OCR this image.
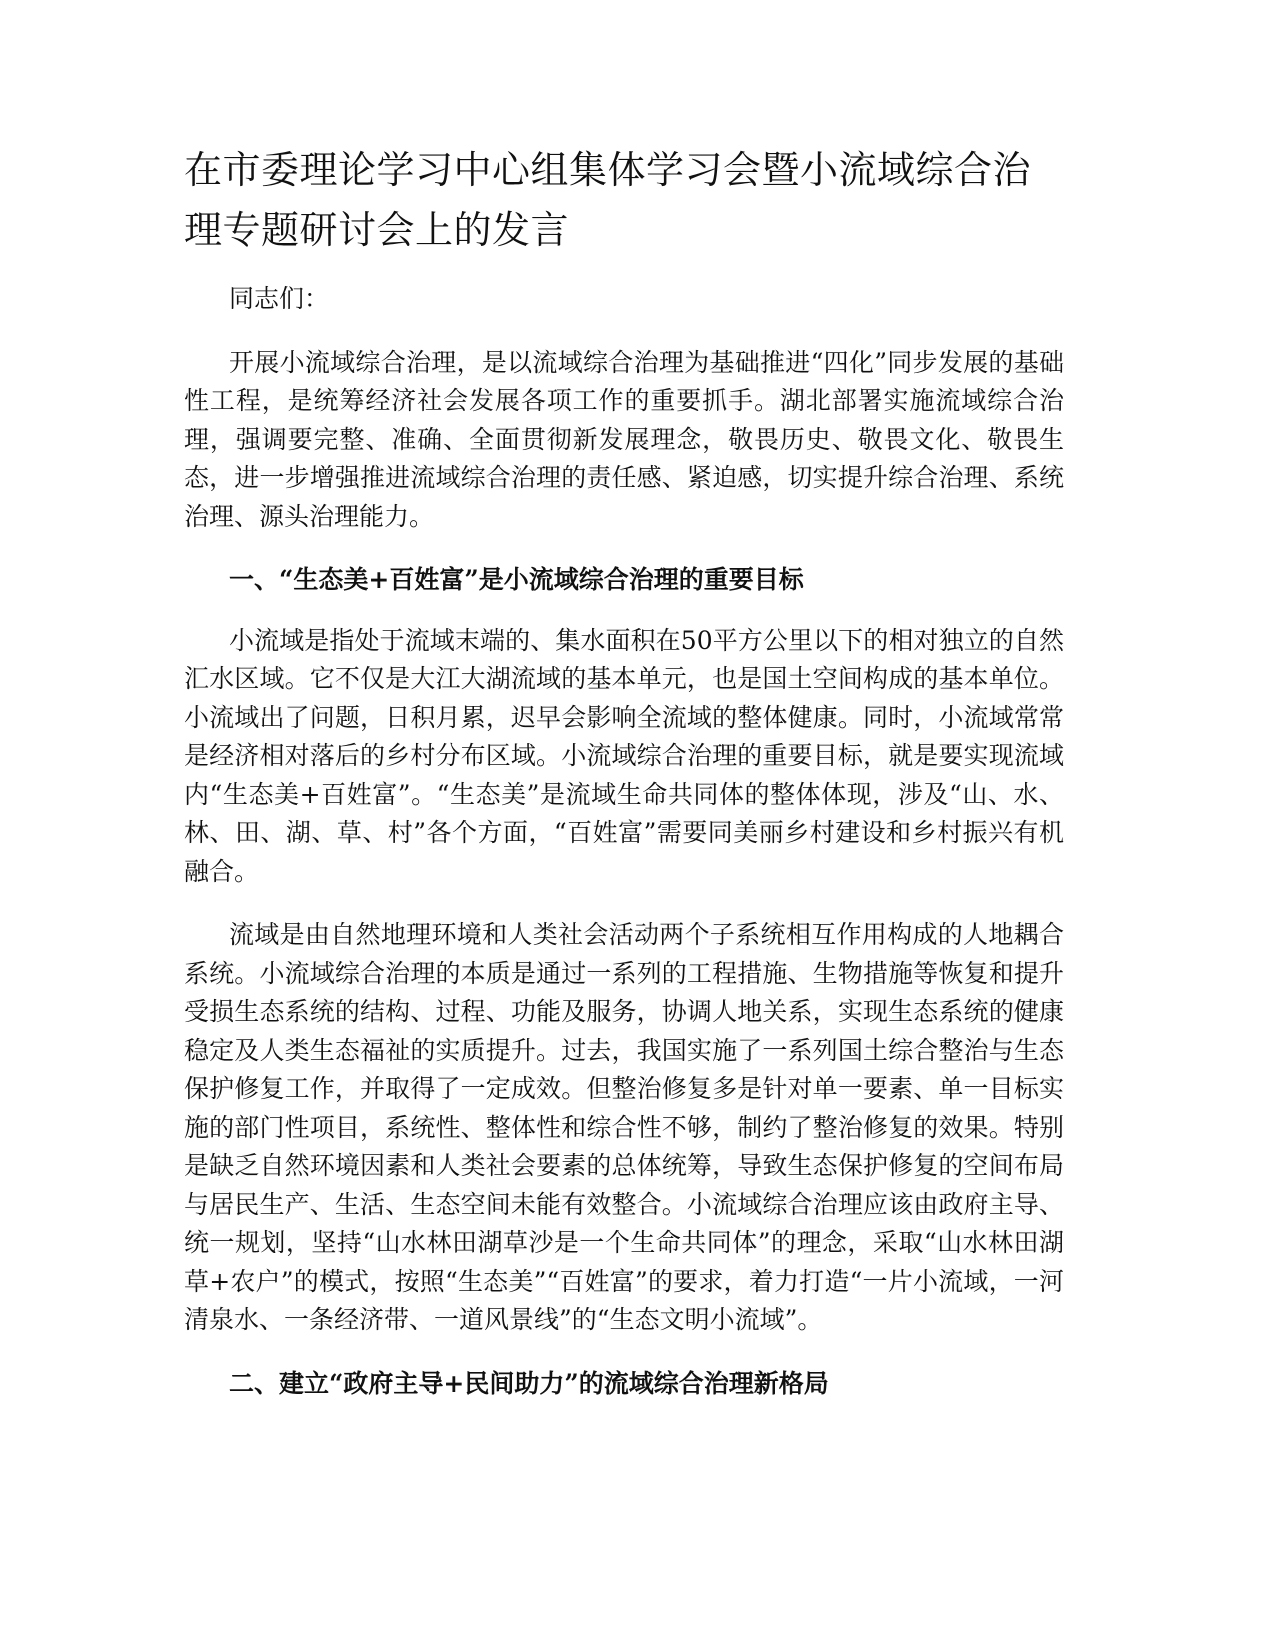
在市委理论学习中心组集体学习会暨小流域综合治理专题研讨会上的发言

同志们：

开展小流域综合治理，是以流域综合治理为基础推进“四化”同步发展的基础性工程，是统筹经济社会发展各项工作的重要抓手。湖北部署实施流域综合治理，强调要完整、准确、全面贯彻新发展理念，敬畏历史、敬畏文化、敬畏生态，进一步增强推进流域综合治理的责任感、紧迫感，切实提升综合治理、系统治理、源头治理能力。

一、“生态美+百姓富”是小流域综合治理的重要目标

小流域是指处于流域末端的、集水面积在50平方公里以下的相对独立的自然汇水区域。它不仅是大江大湖流域的基本单元，也是国土空间构成的基本单位。小流域出了问题，日积月累，迟早会影响全流域的整体健康。同时，小流域常常是经济相对落后的乡村分布区域。小流域综合治理的重要目标，就是要实现流域内“生态美+百姓富”。“生态美”是流域生命共同体的整体体现，涉及“山、水、林、田、湖、草、村”各个方面，“百姓富”需要同美丽乡村建设和乡村振兴有机融合。

流域是由自然地理环境和人类社会活动两个子系统相互作用构成的人地耦合系统。小流域综合治理的本质是通过一系列的工程措施、生物措施等恢复和提升受损生态系统的结构、过程、功能及服务，协调人地关系，实现生态系统的健康稳定及人类生态福祉的实质提升。过去，我国实施了一系列国土综合整治与生态保护修复工作，并取得了一定成效。但整治修复多是针对单一要素、单一目标实施的部门性项目，系统性、整体性和综合性不够，制约了整治修复的效果。特别是缺乏自然环境因素和人类社会要素的总体统筹，导致生态保护修复的空间布局与居民生产、生活、生态空间未能有效整合。小流域综合治理应该由政府主导、统一规划，坚持“山水林田湖草沙是一个生命共同体”的理念，采取“山水林田湖草+农户”的模式，按照“生态美”“百姓富”的要求，着力打造“一片小流域，一河清泉水、一条经济带、一道风景线”的“生态文明小流域”。

二、建立“政府主导+民间助力”的流域综合治理新格局
